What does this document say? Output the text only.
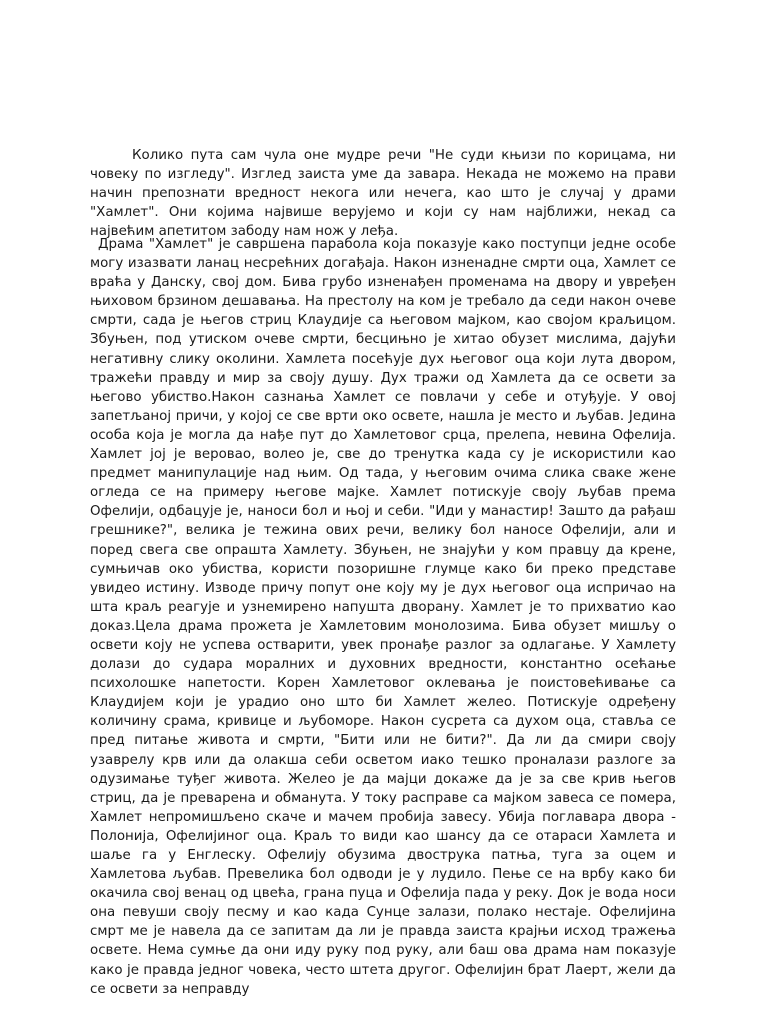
Колико пута сам чула оне мудре речи "Не суди књизи по корицама, ни човеку по изгледу". Изглед заиста уме да завара. Некада не можемо на прави начин препознати вредност некога или нечега, као што је случај у драми "Хамлет". Они којима највише верујемо и који су нам најближи, некад са највећим апетитом забоду нам нож у леђа.

Драма "Хамлет" је савршена парабола која показује како поступци једне особе могу изазвати ланац несрећних догађаја. Након изненадне смрти оца, Хамлет се враћа у Данску, свој дом. Бива грубо изненађен променама на двору и увређен њиховом брзином дешавања. На престолу на ком је требало да седи након очеве смрти, сада је његов стриц Клаудије са његовом мајком, као својом краљицом. Збуњен, под утиском очеве смрти, бесцињно је хитао обузет мислима, дајући негативну слику околини. Хамлета посећује дух његовог оца који лута двором, тражећи правду и мир за своју душу. Дух тражи од Хамлета да се освети за његово убиство.Након сазнања Хамлет се повлачи у себе и отуђује. У овој запетљаној причи, у којој се све врти око освете, нашла је место и љубав. Једина особа која је могла да нађе пут до Хамлетовог срца, прелепа, невина Офелија. Хамлет јој је веровао, волео је, све до тренутка када су је искористили као предмет манипулације над њим. Од тада, у његовим очима слика сваке жене огледа се на примеру његове мајке. Хамлет потискује своју љубав према Офелији, одбацује је, наноси бол и њој и себи. "Иди у манастир! Зашто да рађаш грешнике?", велика је тежина ових речи, велику бол наносе Офелији, али и поред свега све опрашта Хамлету. Збуњен, не знајући у ком правцу да крене, сумњичав око убиства, користи позоришне глумце како би преко представе увидео истину. Изводе причу попут оне коју му је дух његовог оца испричао на шта краљ реагује и узнемирено напушта дворану. Хамлет је то прихватио као доказ.Цела драма прожета је Хамлетовим монолозима. Бива обузет мишљу о освети коју не успева остварити, увек пронађе разлог за одлагање. У Хамлету долази до судара моралних и духовних вредности, константно осећање психолошке напетости. Корен Хамлетовог оклевања је поистовећивање са Клаудијем који је урадио оно што би Хамлет желео. Потискује одређену количину срама, кривице и љубоморе. Након сусрета са духом оца, ставља се пред питање живота и смрти, "Бити или не бити?". Да ли да смири своју узаврелу крв или да олакша себи осветом иако тешко проналази разлоге за одузимање туђег живота. Желео је да мајци докаже да је за све крив његов стриц, да је преварена и обманута. У току расправе са мајком завеса се помера, Хамлет непромишљено скаче и мачем пробија завесу. Убија поглавара двора - Полонија, Офелијиног оца. Краљ то види као шансу да се отараси Хамлета и шаље га у Енглеску. Офелију обузима двострука патња, туга за оцем и Хамлетова љубав. Превелика бол одводи је у лудило. Пење се на врбу како би окачила свој венац од цвећа, грана пуца и Офелија пада у реку. Док је вода носи она певуши своју песму и као када Сунце залази, полако нестаје. Офелијина смрт ме је навела да се запитам да ли је правда заиста крајњи исход тражења освете. Нема сумње да они иду руку под руку, али баш ова драма нам показује како је правда једног човека, често штета другог. Офелијин брат Лаерт, жели да се освети за неправду
